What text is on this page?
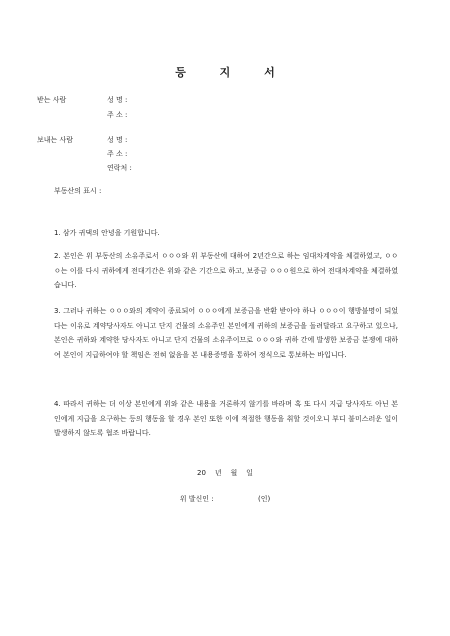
등 지 서
받는 사람	성 명 :
주 소 :
보내는 사람	성 명 :
주 소 :
연락처 :
부동산의 표시 :
1. 삼가 귀댁의 안녕을 기원합니다.
2. 본인은 위 부동산의 소유주로서 ㅇㅇㅇ와 위 부동산에 대하여 2년간으로 하는 임대차계약을 체결하였고, ㅇㅇㅇ는 이를 다시 귀하에게 전대기간은 위와 같은 기간으로 하고, 보증금 ㅇㅇㅇ원으로 하여 전대차계약을 체결하였습니다.
3. 그러나 귀하는 ㅇㅇㅇ와의 계약이 종료되어 ㅇㅇㅇ에게 보증금을 반환 받아야 하나 ㅇㅇㅇ이 행방불명이 되었다는 이유로 계약당사자도 아니고 단지 건물의 소유주인 본인에게 귀하의 보증금을 돌려달라고 요구하고 있으나, 본인은 귀하와 계약한 당사자도 아니고 단지 건물의 소유주이므로 ㅇㅇㅇ와 귀하 간에 발생한 보증금 분쟁에 대하여 본인이 지급하여야 할 책임은 전혀 없음을 본 내용증명을 통하여 정식으로 통보하는 바입니다.
4. 따라서 귀하는 더 이상 본인에게 위와 같은 내용을 거론하지 않기를 바라며 혹 또 다시 지급 당사자도 아닌 본인에게 지급을 요구하는 등의 행동을 할 경우 본인 또한 이에 적절한 행동을 취할 것이오니 부디 불미스러운 일이 발생하지 않도록 협조 바랍니다.
20    년    월    일
위 발신인 :                    (인)
